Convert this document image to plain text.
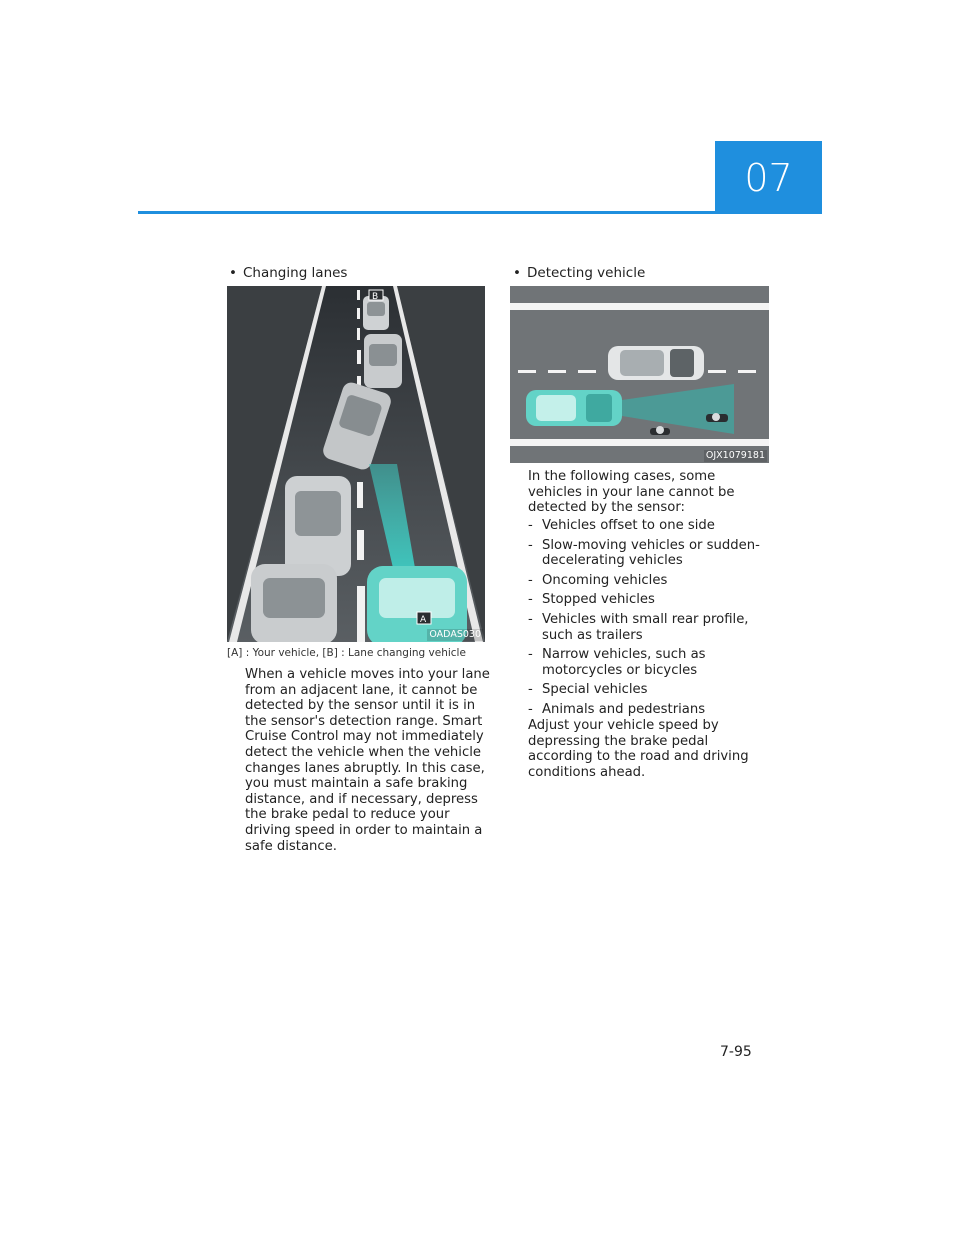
07
• Changing lanes
B
A
OADAS030
[A] : Your vehicle, [B] : Lane changing vehicle

When a vehicle moves into your lane from an adjacent lane, it cannot be detected by the sensor until it is in the sensor's detection range. Smart Cruise Control may not immediately detect the vehicle when the vehicle changes lanes abruptly. In this case, you must maintain a safe braking distance, and if necessary, depress the brake pedal to reduce your driving speed in order to maintain a safe distance.

• Detecting vehicle
OJX1079181

In the following cases, some vehicles in your lane cannot be detected by the sensor:

- Vehicles offset to one side
- Slow-moving vehicles or sudden-decelerating vehicles
- Oncoming vehicles
- Stopped vehicles
- Vehicles with small rear profile, such as trailers
- Narrow vehicles, such as motorcycles or bicycles
- Special vehicles
- Animals and pedestrians

Adjust your vehicle speed by depressing the brake pedal according to the road and driving conditions ahead.

7-95
